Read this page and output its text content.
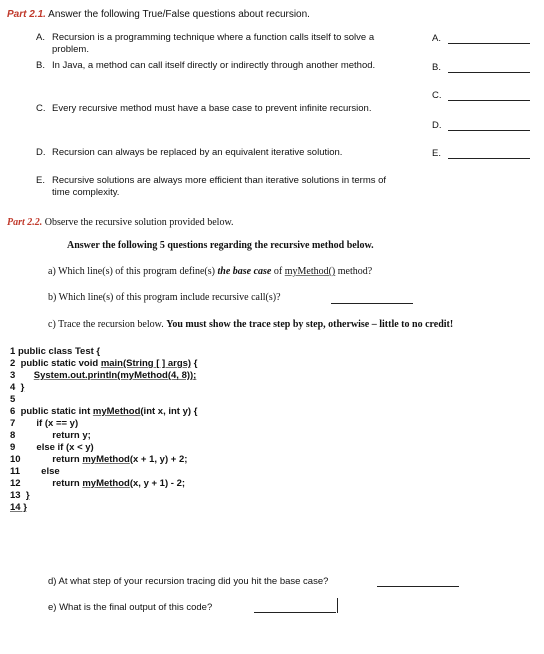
Part 2.1. Answer the following True/False questions about recursion.
A. Recursion is a programming technique where a function calls itself to solve a problem.
B. In Java, a method can call itself directly or indirectly through another method.
C. Every recursive method must have a base case to prevent infinite recursion.
D. Recursion can always be replaced by an equivalent iterative solution.
E. Recursive solutions are always more efficient than iterative solutions in terms of time complexity.
A.
B.
C.
D.
E.
Part 2.2. Observe the recursive solution provided below.
Answer the following 5 questions regarding the recursive method below.
a) Which line(s) of this program define(s) the base case of myMethod() method?
b) Which line(s) of this program include recursive call(s)?
c) Trace the recursion below. You must show the trace step by step, otherwise – little to no credit!
1 public class Test {
2  public static void main(String [ ] args) {
3 System.out.println(myMethod(4, 8));
4 }
5
6  public static int myMethod(int x, int y) {
7        if (x == y)
8              return y;
9        else if (x < y)
10            return myMethod(x + 1, y) + 2;
11        else
12            return myMethod(x, y + 1) - 2;
13 }
14 }
d) At what step of your recursion tracing did you hit the base case?
e) What is the final output of this code?
